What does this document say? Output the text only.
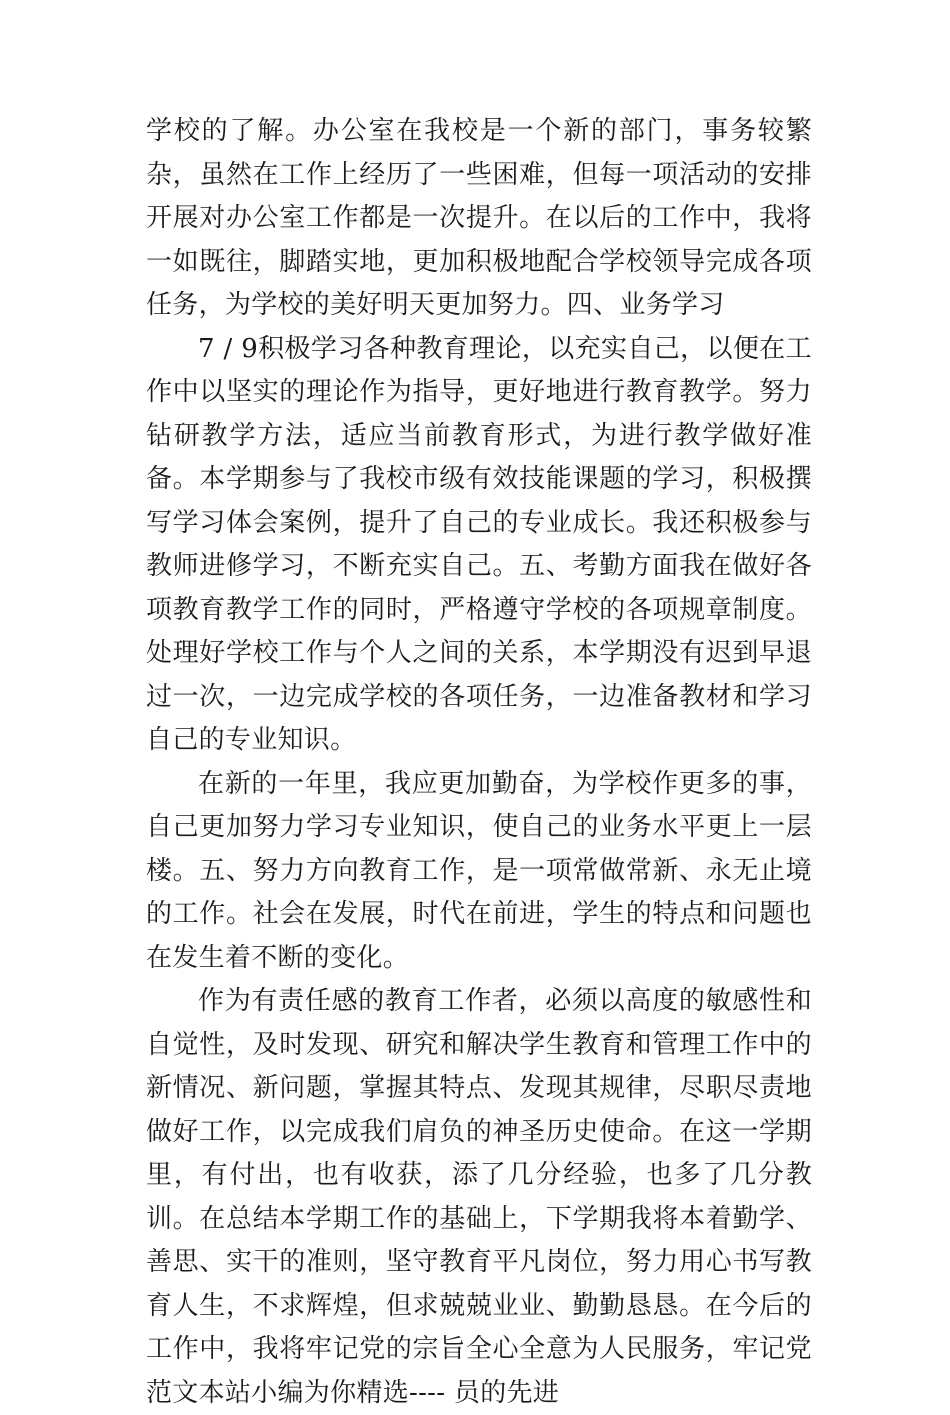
学校的了解。办公室在我校是一个新的部门，事务较繁杂，虽然在工作上经历了一些困难，但每一项活动的安排开展对办公室工作都是一次提升。在以后的工作中，我将一如既往，脚踏实地，更加积极地配合学校领导完成各项任务，为学校的美好明天更加努力。四、业务学习

7 / 9积极学习各种教育理论，以充实自己，以便在工作中以坚实的理论作为指导，更好地进行教育教学。努力钻研教学方法，适应当前教育形式，为进行教学做好准备。本学期参与了我校市级有效技能课题的学习，积极撰写学习体会案例，提升了自己的专业成长。我还积极参与教师进修学习，不断充实自己。五、考勤方面我在做好各项教育教学工作的同时，严格遵守学校的各项规章制度。处理好学校工作与个人之间的关系，本学期没有迟到早退过一次，一边完成学校的各项任务，一边准备教材和学习自己的专业知识。

在新的一年里，我应更加勤奋，为学校作更多的事，自己更加努力学习专业知识，使自己的业务水平更上一层楼。五、努力方向教育工作，是一项常做常新、永无止境的工作。社会在发展，时代在前进，学生的特点和问题也在发生着不断的变化。

作为有责任感的教育工作者，必须以高度的敏感性和自觉性，及时发现、研究和解决学生教育和管理工作中的新情况、新问题，掌握其特点、发现其规律，尽职尽责地做好工作，以完成我们肩负的神圣历史使命。在这一学期里，有付出，也有收获，添了几分经验，也多了几分教训。在总结本学期工作的基础上，下学期我将本着勤学、善思、实干的准则，坚守教育平凡岗位，努力用心书写教育人生，不求辉煌，但求兢兢业业、勤勤恳恳。在今后的工作中，我将牢记党的宗旨全心全意为人民服务，牢记党范文本站小编为你精选---- 员的先进
